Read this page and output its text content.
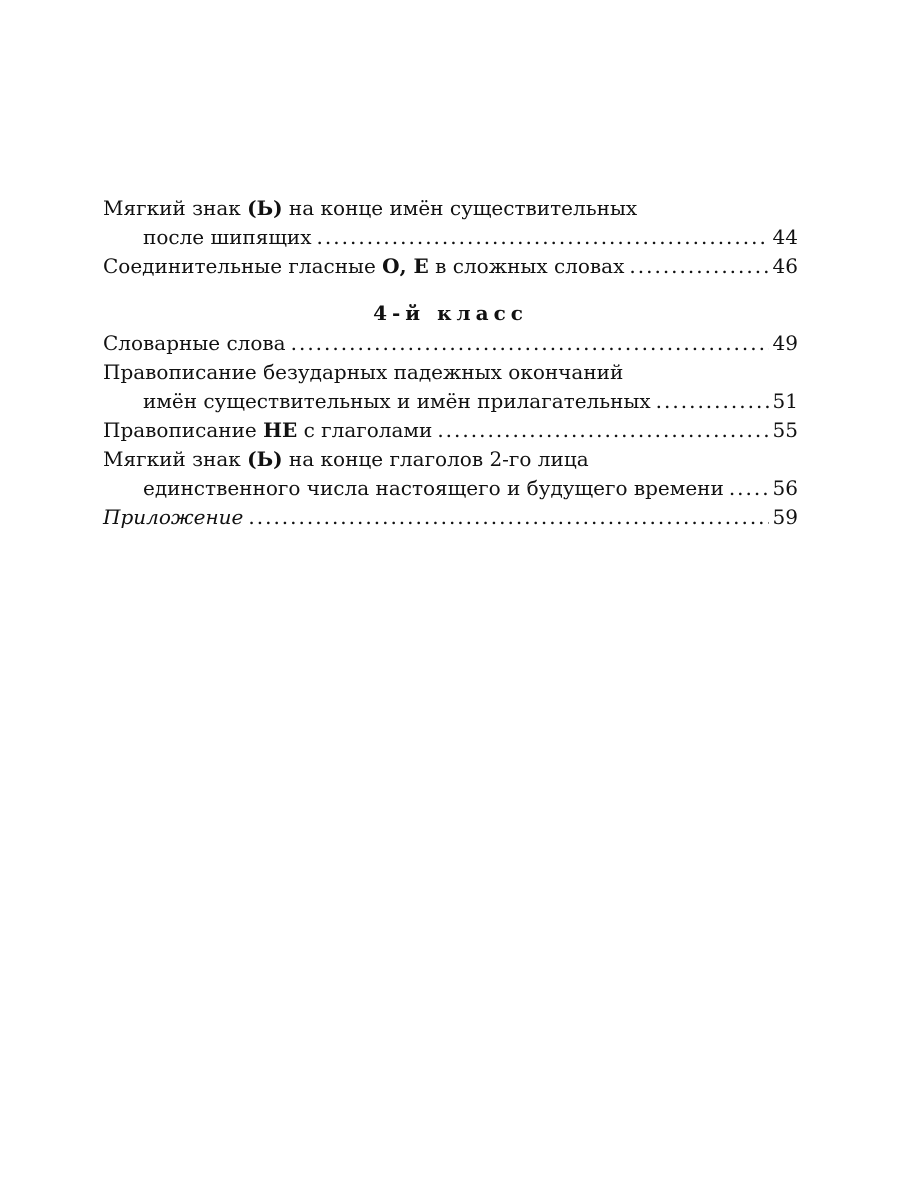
Мягкий знак (Ь) на конце имён существительных
после шипящих .....	44
Соединительные гласные О, Е в сложных словах .....	46
4-й класс
Словарные слова .....	49
Правописание безударных падежных окончаний
имён существительных и имён прилагательных .....	51
Правописание НЕ с глаголами .....	55
Мягкий знак (Ь) на конце глаголов 2-го лица
единственного числа настоящего и будущего времени ..... 56
Приложение .....	59
